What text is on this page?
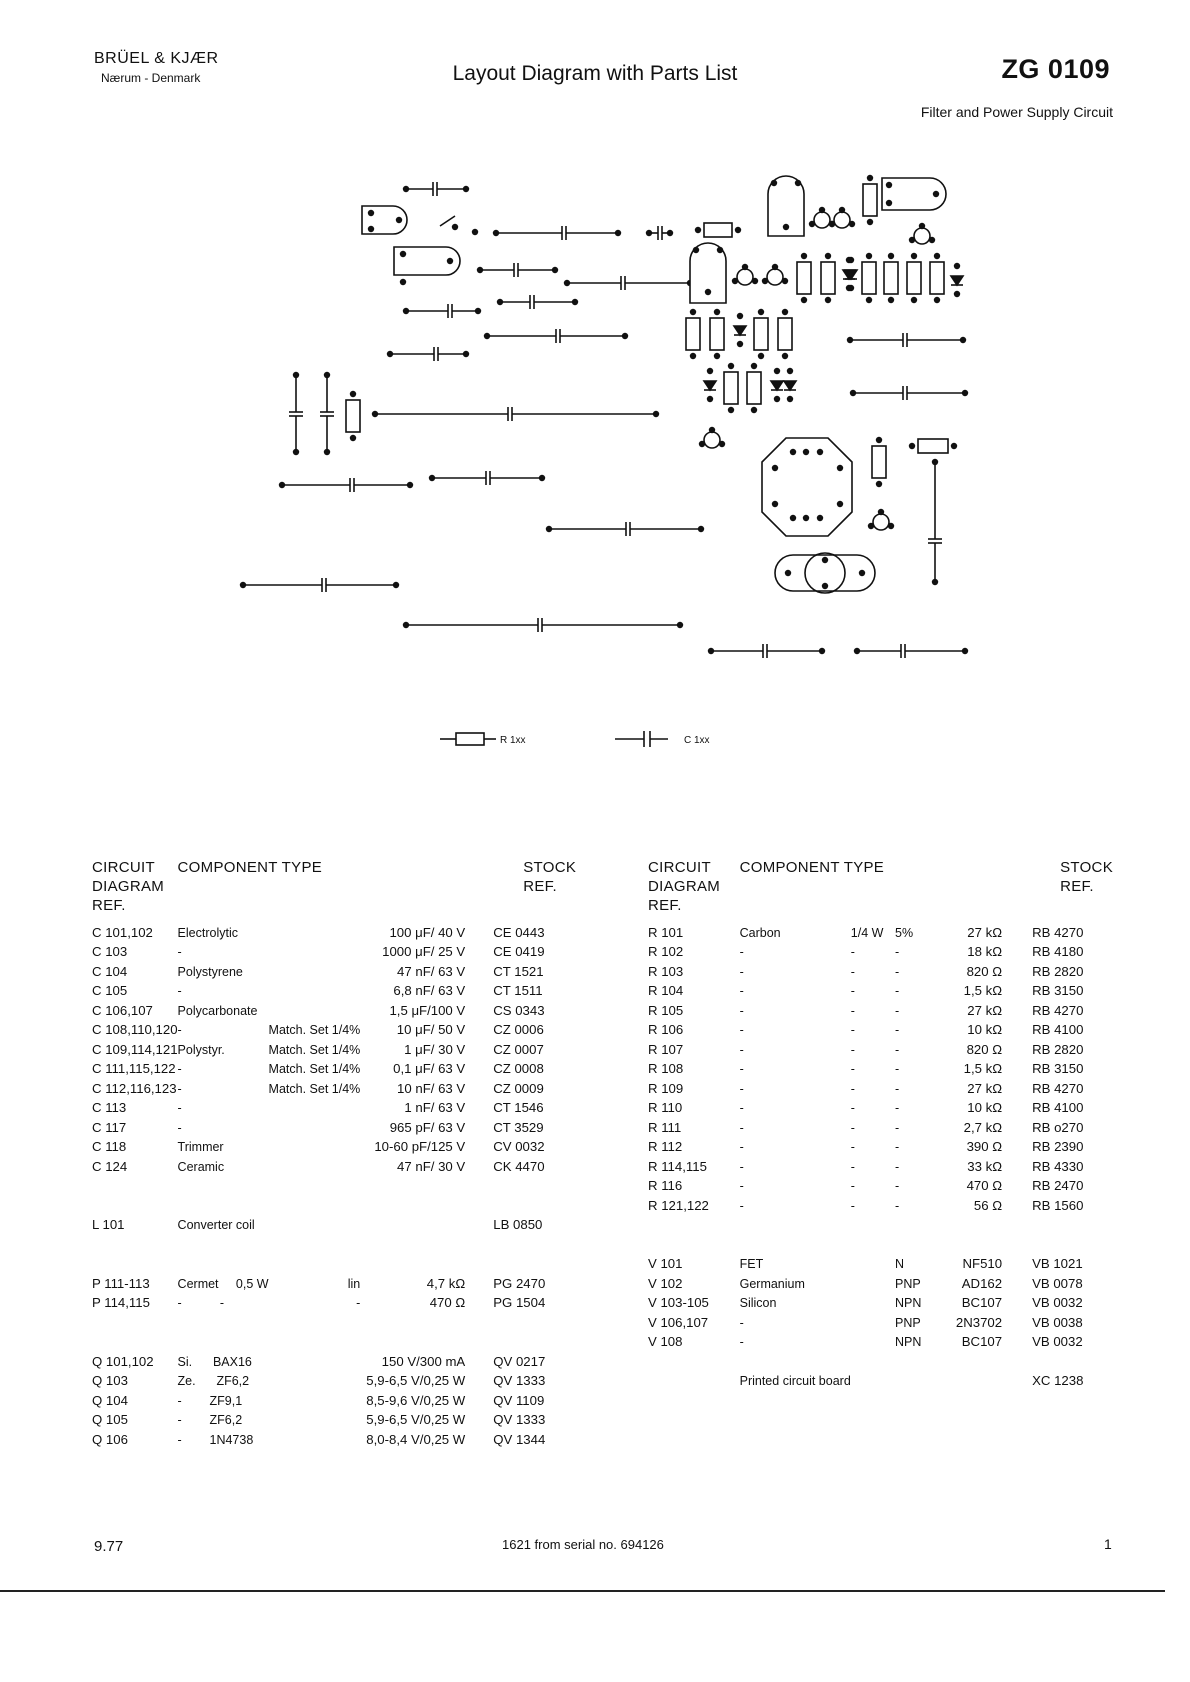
BRÜEL & KJÆR
Nærum - Denmark	Layout Diagram with Parts List	ZG 0109
Filter and Power Supply Circuit
R 1xx	C 1xx
CIRCUIT
DIAGRAM
REF.	COMPONENT TYPE			STOCK
REF.
C 101,102	Electrolytic		100 μF/ 40 V	CE 0443
C 103	-		1000 μF/ 25 V	CE 0419
C 104	Polystyrene		47 nF/ 63 V	CT 1521
C 105	-		6,8 nF/ 63 V	CT 1511
C 106,107	Polycarbonate		1,5 μF/100 V	CS 0343
C 108,110,120	-	Match. Set 1/4%	10 μF/ 50 V	CZ 0006
C 109,114,121	Polystyr.	Match. Set 1/4%	1 μF/ 30 V	CZ 0007
C 111,115,122	-	Match. Set 1/4%	0,1 μF/ 63 V	CZ 0008
C 112,116,123	-	Match. Set 1/4%	10 nF/ 63 V	CZ 0009
C 113	-		1 nF/ 63 V	CT 1546
C 117	-		965 pF/ 63 V	CT 3529
C 118	Trimmer		10-60 pF/125 V	CV 0032
C 124	Ceramic		47 nF/ 30 V	CK 4470

L 101	Converter coil			LB 0850

P 111-113	Cermet     0,5 W	lin	4,7 kΩ	PG 2470
P 114,115	-           -	-	470 Ω	PG 1504

Q 101,102	Si.      BAX16		150 V/300 mA	QV 0217
Q 103	Ze.      ZF6,2		5,9-6,5 V/0,25 W	QV 1333
Q 104	-        ZF9,1		8,5-9,6 V/0,25 W	QV 1109
Q 105	-        ZF6,2		5,9-6,5 V/0,25 W	QV 1333
Q 106	-        1N4738		8,0-8,4 V/0,25 W	QV 1344
CIRCUIT
DIAGRAM
REF.	COMPONENT TYPE				STOCK
REF.
R 101	Carbon	1/4 W	5%	27 kΩ	RB 4270
R 102	-	-	-	18 kΩ	RB 4180
R 103	-	-	-	820 Ω	RB 2820
R 104	-	-	-	1,5 kΩ	RB 3150
R 105	-	-	-	27 kΩ	RB 4270
R 106	-	-	-	10 kΩ	RB 4100
R 107	-	-	-	820 Ω	RB 2820
R 108	-	-	-	1,5 kΩ	RB 3150
R 109	-	-	-	27 kΩ	RB 4270
R 110	-	-	-	10 kΩ	RB 4100
R 111	-	-	-	2,7 kΩ	RB o270
R 112	-	-	-	390 Ω	RB 2390
R 114,115	-	-	-	33 kΩ	RB 4330
R 116	-	-	-	470 Ω	RB 2470
R 121,122	-	-	-	56 Ω	RB 1560

V 101	FET		N	NF510	VB 1021
V 102	Germanium		PNP	AD162	VB 0078
V 103-105	Silicon		NPN	BC107	VB 0032
V 106,107	-		PNP	2N3702	VB 0038
V 108	-		NPN	BC107	VB 0032

	Printed circuit board				XC 1238
9.77	1621 from serial no. 694126	1
